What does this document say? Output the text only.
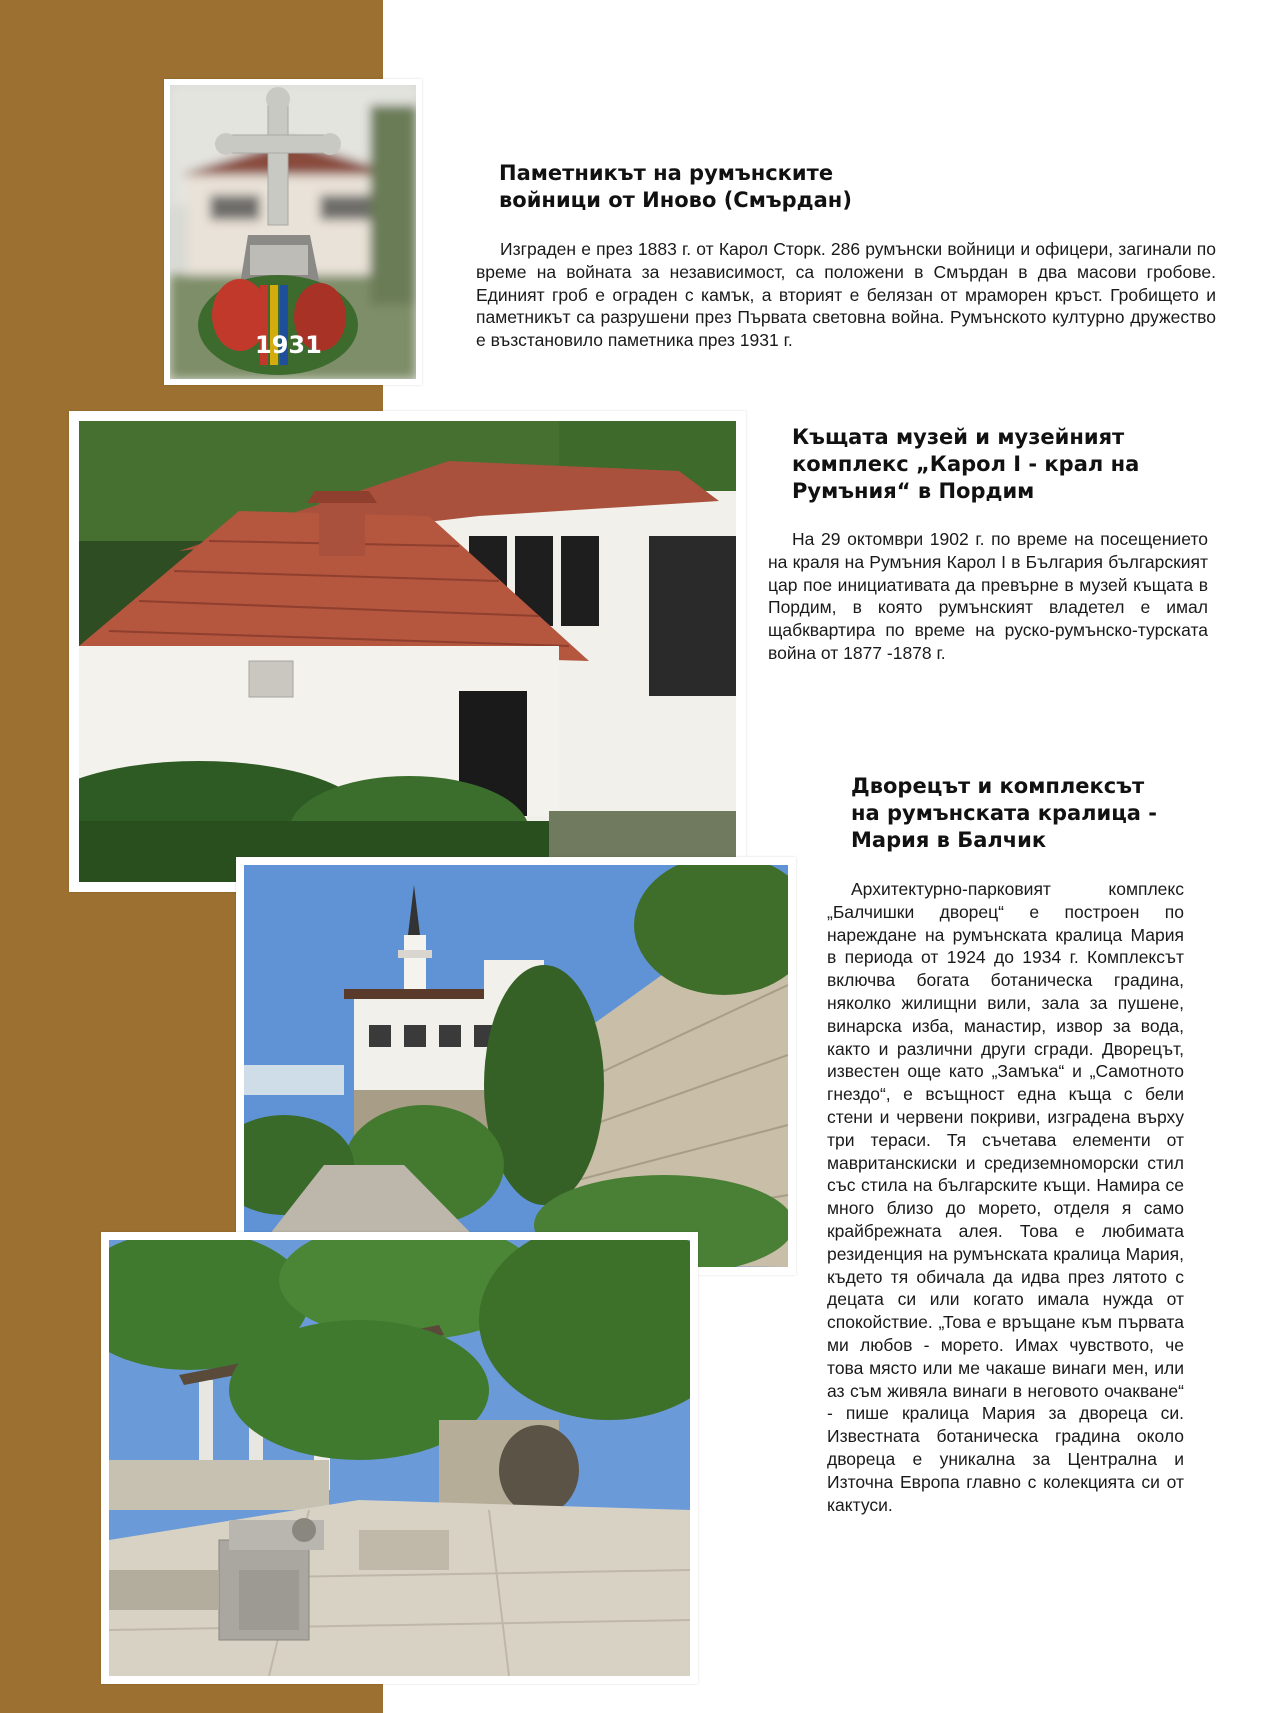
1931
Паметникът на румънските
войници от Иново (Смърдан)

Изграден е през 1883 г. от Карол Сторк. 286 румънски войници и офицери, загинали по време на войната за независимост, са положени в Смърдан в два масови гробове. Единият гроб е ограден с камък, а вторият е белязан от мраморен кръст. Гробището и паметникът са разрушени през Първата световна война. Румънското културно дружество е възстановило паметника през 1931 г.

Къщата музей и музейният
комплекс „Карол I - крал на
Румъния“ в Пордим

На 29 октомври 1902 г. по време на посещението на краля на Румъния Карол I в България българският цар пое инициативата да превърне в музей къщата в Пордим, в която румънският владетел е имал щабквартира по време на руско-румънско-турската война от 1877 -1878 г.

Дворецът и комплексът
на румънската кралица -
Мария в Балчик

Архитектурно-парковият комплекс „Балчишки дворец“ е построен по нареждане на румънската кралица Мария в периода от 1924 до 1934 г. Комплексът включва богата ботаническа градина, няколко жилищни вили, зала за пушене, винарска изба, манастир, извор за вода, както и различни други сгради. Дворецът, известен още като „Замъка“ и „Самотното гнездо“, е всъщност една къща с бели стени и червени покриви, изградена върху три тераси. Тя съчетава елементи от мавританскиски и средиземноморски стил със стила на българските къщи. Намира се много близо до морето, отделя я само крайбрежната алея. Това е любимата резиденция на румънската кралица Мария, където тя обичала да идва през лятото с децата си или когато имала нужда от спокойствие. „Това е връщане към първата ми любов - морето. Имах чувството, че това място или ме чакаше винаги мен, или аз съм живяла винаги в неговото очакване“ - пише кралица Мария за двореца си. Известната ботаническа градина около двореца е уникална за Централна и Източна Европа главно с колекцията си от кактуси.
